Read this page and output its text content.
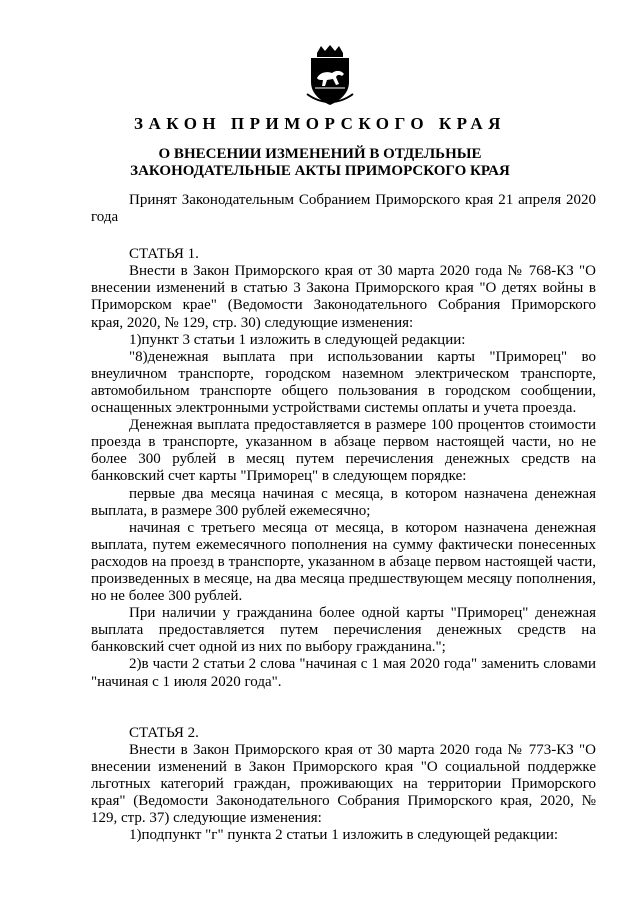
ЗАКОН ПРИМОРСКОГО КРАЯ
О ВНЕСЕНИИ ИЗМЕНЕНИЙ В ОТДЕЛЬНЫЕ
ЗАКОНОДАТЕЛЬНЫЕ АКТЫ ПРИМОРСКОГО КРАЯ

Принят Законодательным Собранием Приморского края 21 апреля 2020 года

СТАТЬЯ 1.

Внести в Закон Приморского края от 30 марта 2020 года № 768-КЗ "О внесении изменений в статью 3 Закона Приморского края "О детях войны в Приморском крае" (Ведомости Законодательного Собрания Приморского края, 2020, № 129, стр. 30) следующие изменения:

1)пункт 3 статьи 1 изложить в следующей редакции:

"8)денежная выплата при использовании карты "Приморец" во внеуличном транспорте, городском наземном электрическом транспорте, автомобильном транспорте общего пользования в городском сообщении, оснащенных электронными устройствами системы оплаты и учета проезда.

Денежная выплата предоставляется в размере 100 процентов стоимости проезда в транспорте, указанном в абзаце первом настоящей части, но не более 300 рублей в месяц путем перечисления денежных средств на банковский счет карты "Приморец" в следующем порядке:

первые два месяца начиная с месяца, в котором назначена денежная выплата, в размере 300 рублей ежемесячно;

начиная с третьего месяца от месяца, в котором назначена денежная выплата, путем ежемесячного пополнения на сумму фактически понесенных расходов на проезд в транспорте, указанном в абзаце первом настоящей части, произведенных в месяце, на два месяца предшествующем месяцу пополнения, но не более 300 рублей.

При наличии у гражданина более одной карты "Приморец" денежная выплата предоставляется путем перечисления денежных средств на банковский счет одной из них по выбору гражданина.";

2)в части 2 статьи 2 слова "начиная с 1 мая 2020 года" заменить словами "начиная с 1 июля 2020 года".

СТАТЬЯ 2.

Внести в Закон Приморского края от 30 марта 2020 года № 773-КЗ "О внесении изменений в Закон Приморского края "О социальной поддержке льготных категорий граждан, проживающих на территории Приморского края" (Ведомости Законодательного Собрания Приморского края, 2020, № 129, стр. 37) следующие изменения:

1)подпункт "г" пункта 2 статьи 1 изложить в следующей редакции:
